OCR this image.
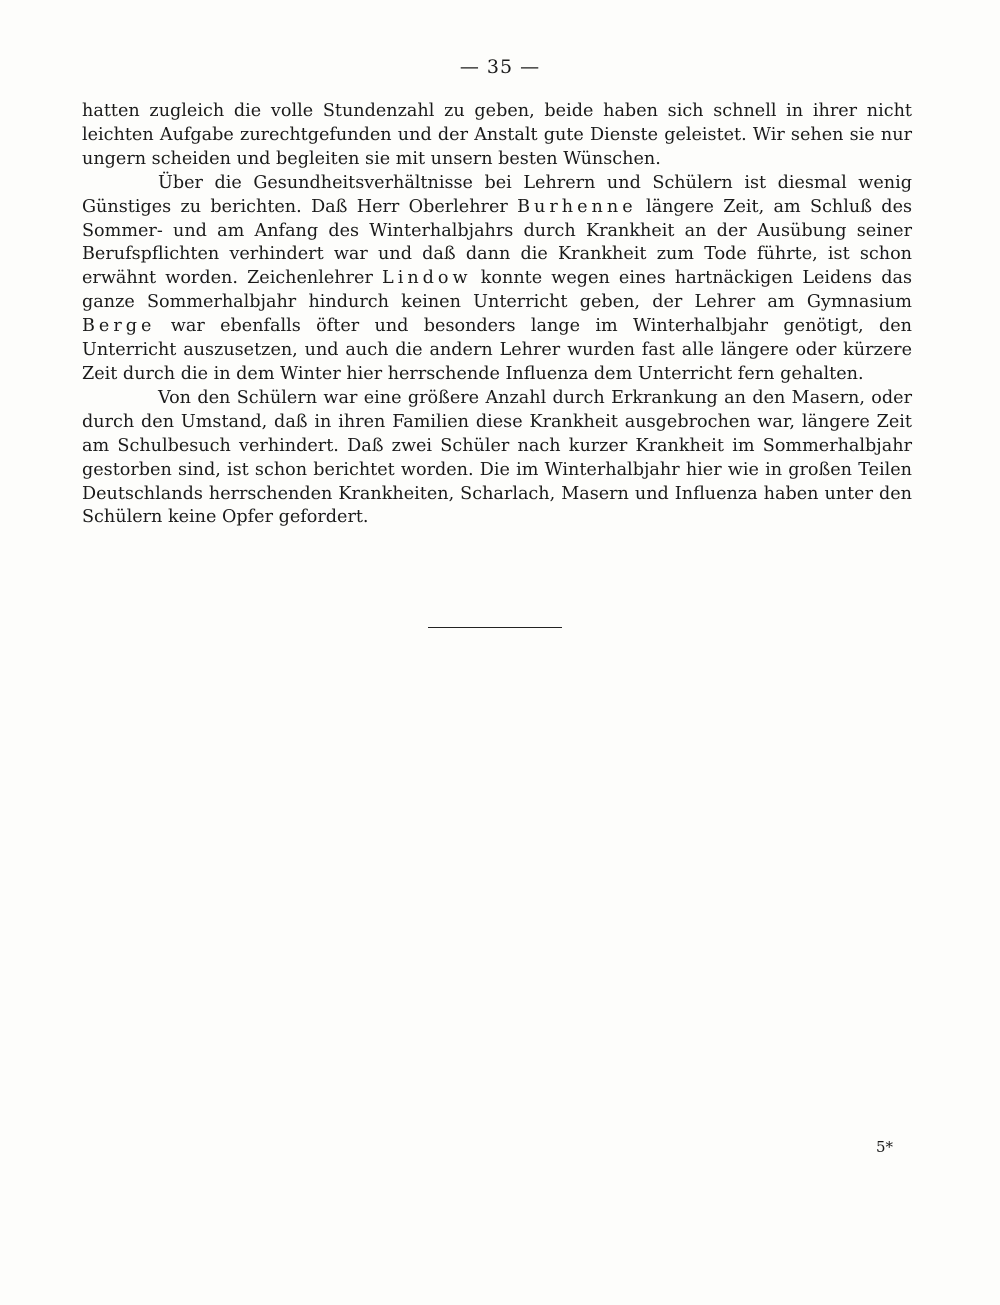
— 35 —

hatten zugleich die volle Stundenzahl zu geben, beide haben sich schnell in ihrer nicht leichten Aufgabe zurechtgefunden und der Anstalt gute Dienste geleistet. Wir sehen sie nur ungern scheiden und begleiten sie mit unsern besten Wünschen.

Über die Gesundheitsverhältnisse bei Lehrern und Schülern ist diesmal wenig Günstiges zu berichten. Daß Herr Oberlehrer Burhenne längere Zeit, am Schluß des Sommer- und am Anfang des Winterhalbjahrs durch Krankheit an der Ausübung seiner Berufspflichten verhindert war und daß dann die Krankheit zum Tode führte, ist schon erwähnt worden. Zeichenlehrer Lindow konnte wegen eines hartnäckigen Leidens das ganze Sommerhalbjahr hindurch keinen Unterricht geben, der Lehrer am Gymnasium Berge war ebenfalls öfter und besonders lange im Winterhalbjahr genötigt, den Unterricht auszusetzen, und auch die andern Lehrer wurden fast alle längere oder kürzere Zeit durch die in dem Winter hier herrschende Influenza dem Unterricht fern gehalten.

Von den Schülern war eine größere Anzahl durch Erkrankung an den Masern, oder durch den Umstand, daß in ihren Familien diese Krankheit ausgebrochen war, längere Zeit am Schulbesuch verhindert. Daß zwei Schüler nach kurzer Krankheit im Sommerhalbjahr gestorben sind, ist schon berichtet worden. Die im Winterhalbjahr hier wie in großen Teilen Deutschlands herrschenden Krankheiten, Scharlach, Masern und Influenza haben unter den Schülern keine Opfer gefordert.

5*
